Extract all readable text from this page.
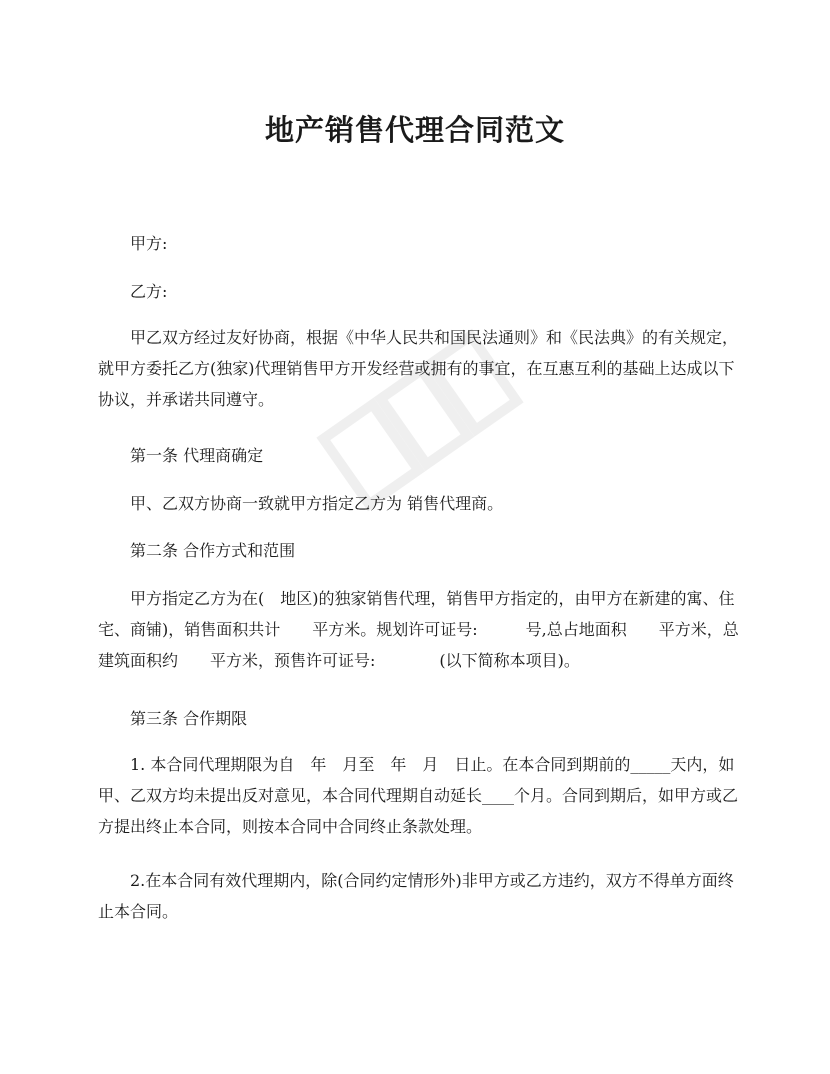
地产销售代理合同范文

甲方:

乙方:

甲乙双方经过友好协商，根据《中华人民共和国民法通则》和《民法典》的有关规定，就甲方委托乙方(独家)代理销售甲方开发经营或拥有的事宜，在互惠互利的基础上达成以下协议，并承诺共同遵守。

第一条 代理商确定

甲、乙双方协商一致就甲方指定乙方为 销售代理商。

第二条 合作方式和范围

甲方指定乙方为在(　地区)的独家销售代理，销售甲方指定的，由甲方在新建的寓、住宅、商铺)，销售面积共计　　平方米。规划许可证号:　　　号,总占地面积　　平方米，总建筑面积约　　平方米，预售许可证号:　　　　(以下简称本项目)。

第三条 合作期限

1. 本合同代理期限为自　年　月至　年　月　日止。在本合同到期前的_____天内，如甲、乙双方均未提出反对意见，本合同代理期自动延长____个月。合同到期后，如甲方或乙方提出终止本合同，则按本合同中合同终止条款处理。

2.在本合同有效代理期内，除(合同约定情形外)非甲方或乙方违约，双方不得单方面终止本合同。
